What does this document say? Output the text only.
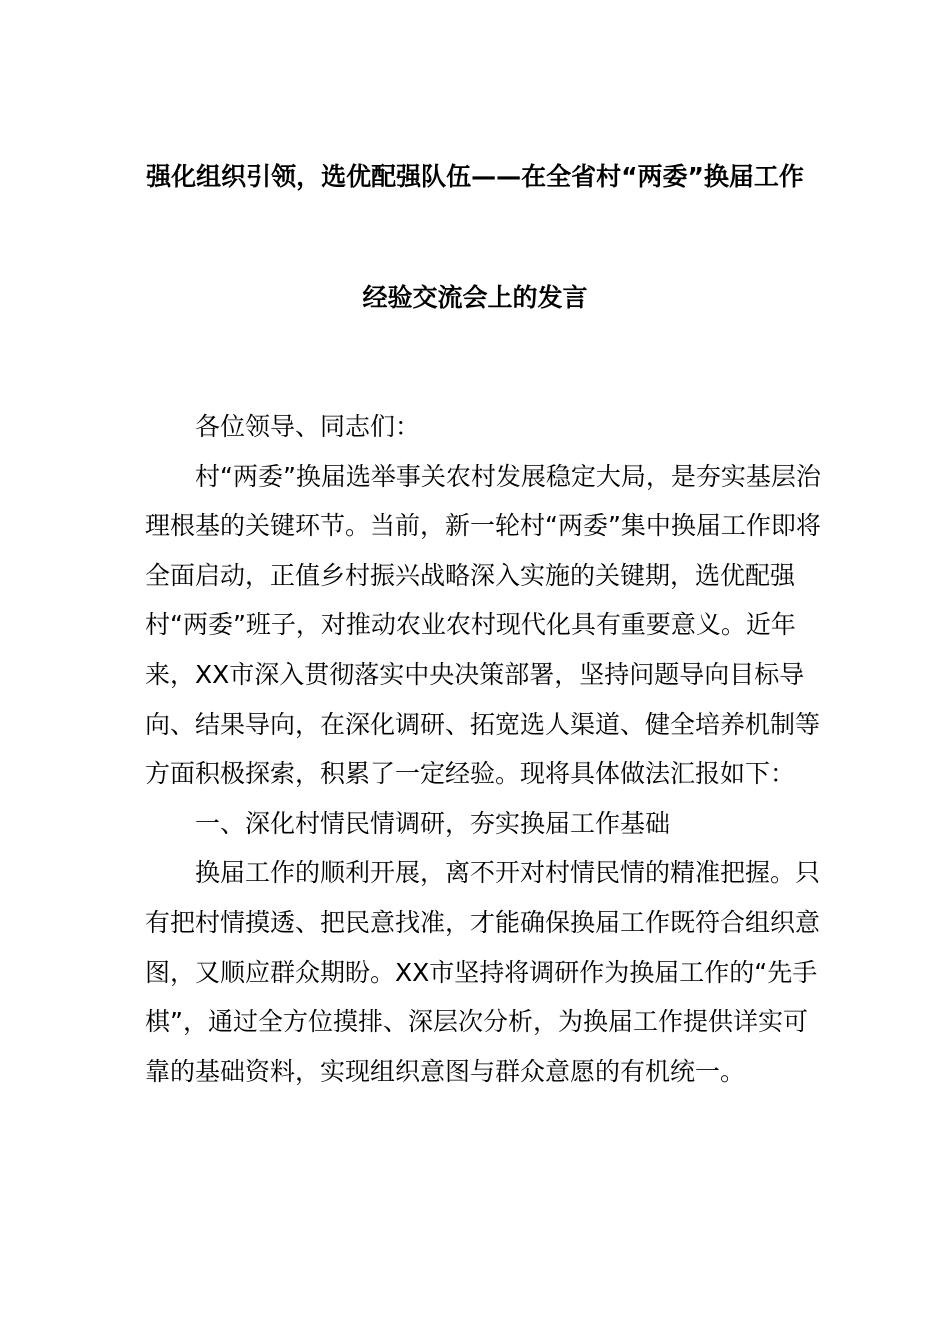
强化组织引领，选优配强队伍——在全省村“两委”换届工作
经验交流会上的发言

各位领导、同志们：

村“两委”换届选举事关农村发展稳定大局，是夯实基层治理根基的关键环节。当前，新一轮村“两委”集中换届工作即将全面启动，正值乡村振兴战略深入实施的关键期，选优配强村“两委”班子，对推动农业农村现代化具有重要意义。近年来，XX市深入贯彻落实中央决策部署，坚持问题导向目标导向、结果导向，在深化调研、拓宽选人渠道、健全培养机制等方面积极探索，积累了一定经验。现将具体做法汇报如下：

一、深化村情民情调研，夯实换届工作基础

换届工作的顺利开展，离不开对村情民情的精准把握。只有把村情摸透、把民意找准，才能确保换届工作既符合组织意图，又顺应群众期盼。XX市坚持将调研作为换届工作的“先手棋”，通过全方位摸排、深层次分析，为换届工作提供详实可靠的基础资料，实现组织意图与群众意愿的有机统一。
